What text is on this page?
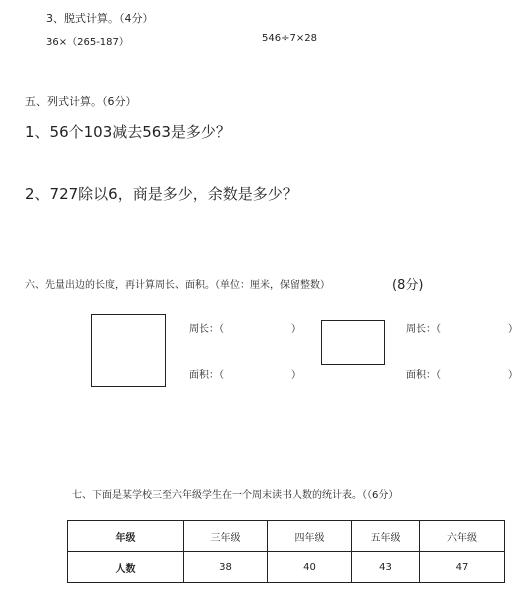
3、脱式计算。（4分）
36×（265-187）	546÷7×28
五、列式计算。（6分）
1、56个103减去563是多少？
2、727除以6，商是多少，余数是多少？
六、先量出边的长度，再计算周长、面积。（单位：厘米，保留整数）	(8分)
周长：（	）
面积：（	）
周长：（	）
面积：（	）
七、下面是某学校三至六年级学生在一个周末读书人数的统计表。（（6分）
年级	三年级	四年级	五年级	六年级
人数	38	40	43	47
